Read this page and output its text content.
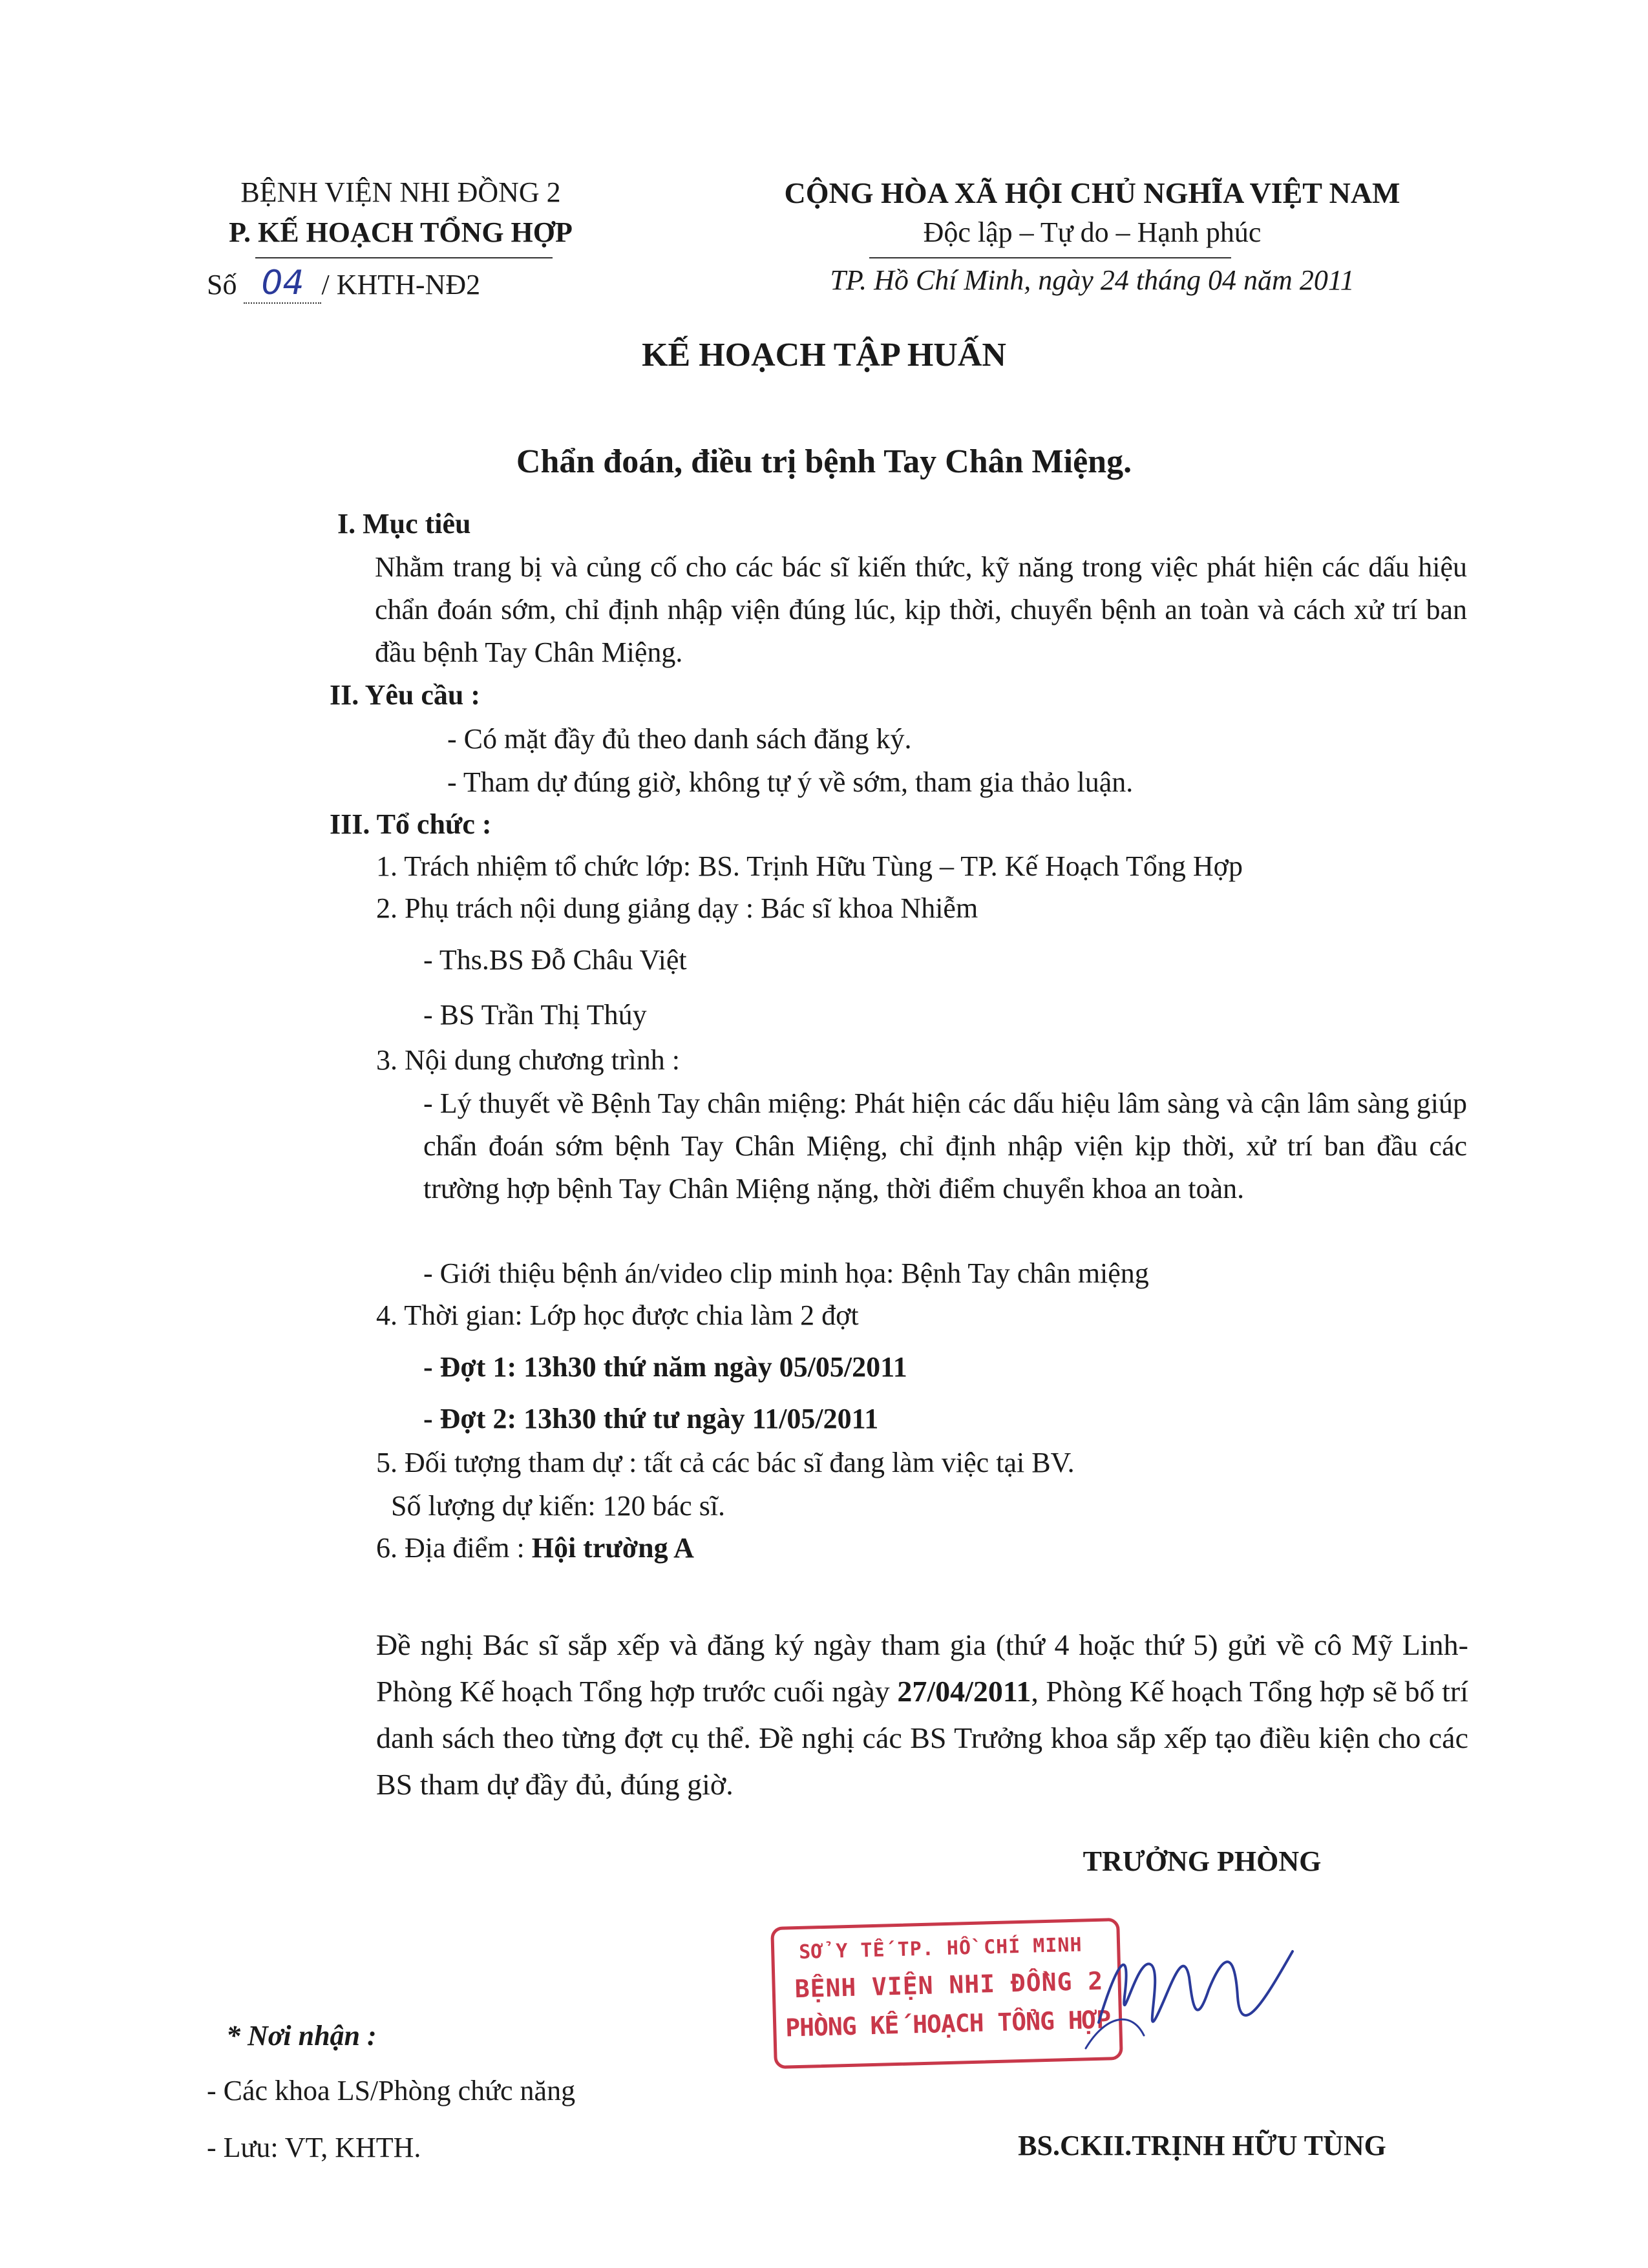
BỆNH VIỆN NHI ĐỒNG 2
P. KẾ HOẠCH TỔNG HỢP
Số 04 / KHTH-NĐ2
CỘNG HÒA XÃ HỘI CHỦ NGHĨA VIỆT NAM
Độc lập – Tự do – Hạnh phúc
TP. Hồ Chí Minh, ngày 24 tháng 04 năm 2011
KẾ HOẠCH TẬP HUẤN
Chẩn đoán, điều trị bệnh Tay Chân Miệng.
I. Mục tiêu
Nhằm trang bị và củng cố cho các bác sĩ kiến thức, kỹ năng trong việc phát hiện các dấu hiệu chẩn đoán sớm, chỉ định nhập viện đúng lúc, kịp thời, chuyển bệnh an toàn và cách xử trí ban đầu bệnh Tay Chân Miệng.
II. Yêu cầu :
- Có mặt đầy đủ theo danh sách đăng ký.
- Tham dự đúng giờ, không tự ý về sớm, tham gia thảo luận.
III. Tổ chức :
1. Trách nhiệm tổ chức lớp: BS. Trịnh Hữu Tùng – TP. Kế Hoạch Tổng Hợp
2. Phụ trách nội dung giảng dạy : Bác sĩ khoa Nhiễm
- Ths.BS Đỗ Châu Việt
- BS Trần Thị Thúy
3. Nội dung chương trình :
- Lý thuyết về Bệnh Tay chân miệng: Phát hiện các dấu hiệu lâm sàng và cận lâm sàng giúp chẩn đoán sớm bệnh Tay Chân Miệng, chỉ định nhập viện kịp thời, xử trí ban đầu các trường hợp bệnh Tay Chân Miệng nặng, thời điểm chuyển khoa an toàn.
- Giới thiệu bệnh án/video clip minh họa: Bệnh Tay chân miệng
4. Thời gian: Lớp học được chia làm 2 đợt
- Đợt 1: 13h30 thứ năm ngày 05/05/2011
- Đợt 2: 13h30 thứ tư ngày 11/05/2011
5. Đối tượng tham dự : tất cả các bác sĩ đang làm việc tại BV.
Số lượng dự kiến: 120 bác sĩ.
6. Địa điểm : Hội trường A
Đề nghị Bác sĩ sắp xếp và đăng ký ngày tham gia (thứ 4 hoặc thứ 5) gửi về cô Mỹ Linh- Phòng Kế hoạch Tổng hợp trước cuối ngày 27/04/2011, Phòng Kế hoạch Tổng hợp sẽ bố trí danh sách theo từng đợt cụ thể. Đề nghị các BS Trưởng khoa sắp xếp tạo điều kiện cho các BS tham dự đầy đủ, đúng giờ.
TRƯỞNG PHÒNG
SỞ Y TẾ TP. HỒ CHÍ MINH
BỆNH VIỆN NHI ĐỒNG 2
PHÒNG KẾ HOẠCH TỔNG HỢP
BS.CKII.TRỊNH HỮU TÙNG
* Nơi nhận :
- Các khoa LS/Phòng chức năng
- Lưu: VT, KHTH.
